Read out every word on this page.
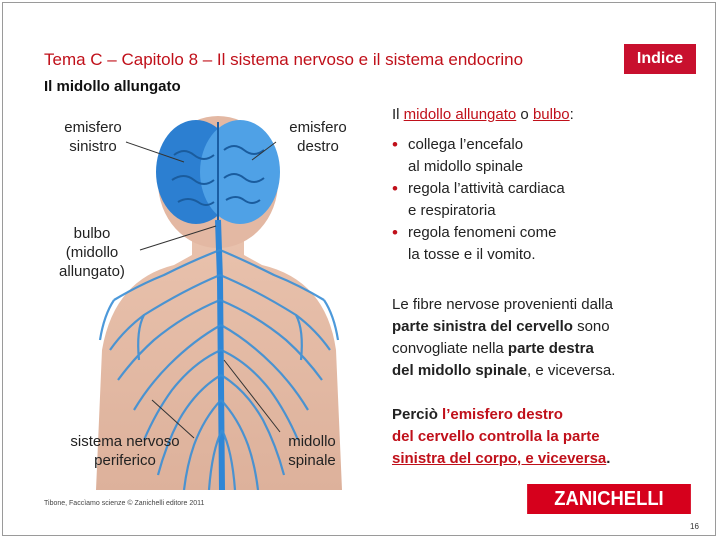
Tema C – Capitolo 8 – Il sistema nervoso e il sistema endocrino	Indice
Il midollo allungato
emisfero
sinistro
emisfero
destro
bulbo
(midollo
allungato)
sistema nervoso
periferico
midollo
spinale
Il midollo allungato o bulbo:
• collega l’encefalo
al midollo spinale
• regola l’attività cardiaca
e respiratoria
• regola fenomeni come
la tosse e il vomito.
Le fibre nervose provenienti dalla
parte sinistra del cervello sono
convogliate nella parte destra
del midollo spinale, e viceversa.
Perciò l’emisfero destro
del cervello controlla la parte
sinistra del corpo, e viceversa.
Tibone, Faccìamo scienze © Zanichelli editore 2011	ZANICHELLI
16
